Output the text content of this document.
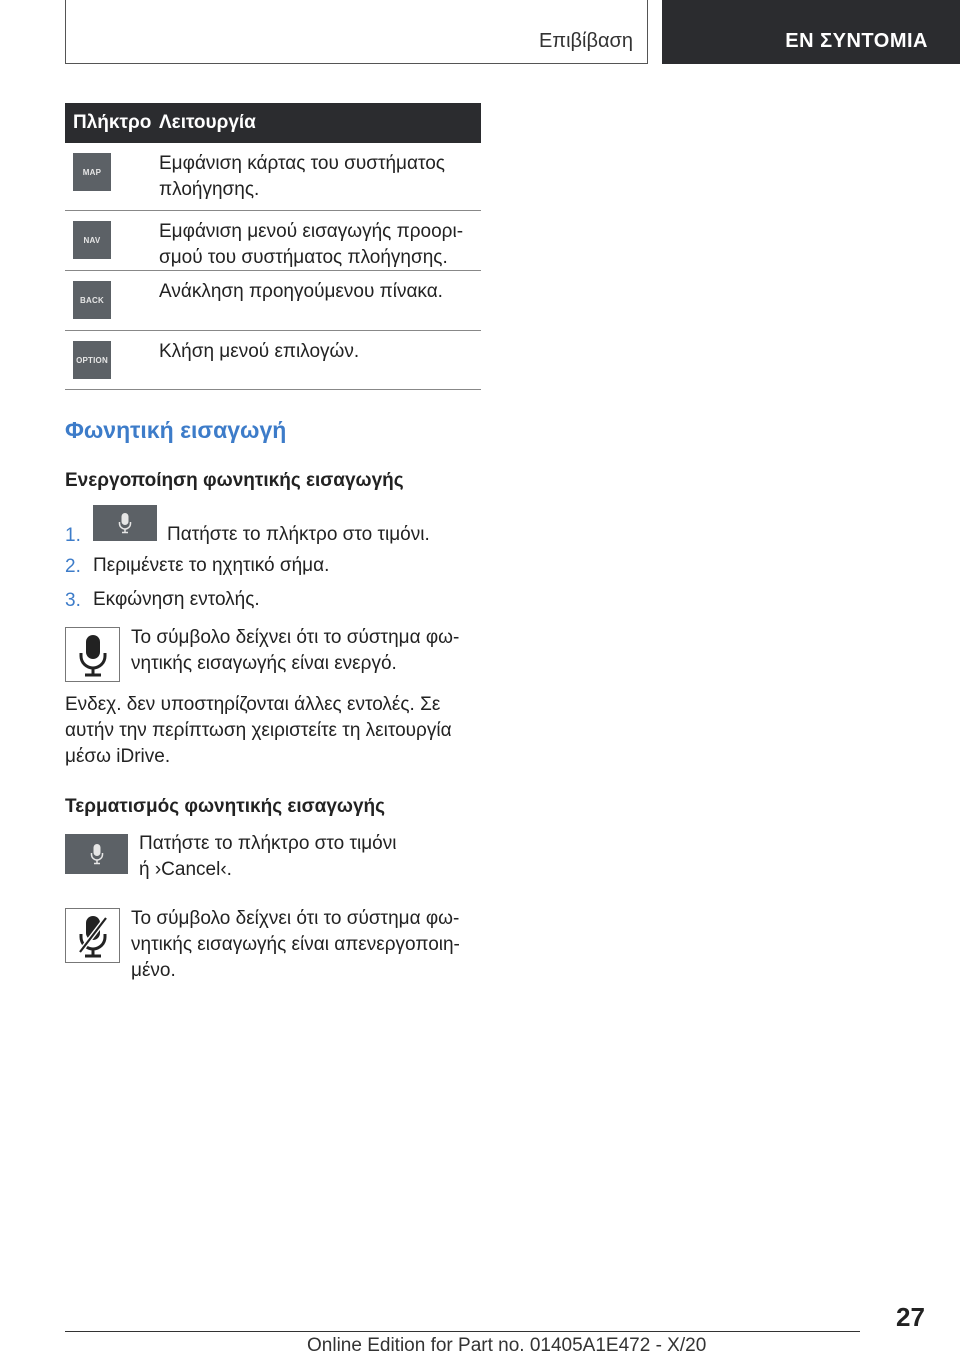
Επιβίβαση	ΕΝ ΣΥΝΤΟΜΙΑ
Πλήκτρο Λειτουργία
MAP	Εμφάνιση κάρτας του συστήματος πλοήγησης.
NAV	Εμφάνιση μενού εισαγωγής προορισμού του συστήματος πλοήγησης.
BACK	Ανάκληση προηγούμενου πίνακα.
OPTION	Κλήση μενού επιλογών.
Φωνητική εισαγωγή
Ενεργοποίηση φωνητικής εισαγωγής
1.	Πατήστε το πλήκτρο στο τιμόνι.
2. Περιμένετε το ηχητικό σήμα.
3. Εκφώνηση εντολής.
Το σύμβολο δείχνει ότι το σύστημα φωνητικής εισαγωγής είναι ενεργό.
Ενδεχ. δεν υποστηρίζονται άλλες εντολές. Σε αυτήν την περίπτωση χειριστείτε τη λειτουργία μέσω iDrive.
Τερματισμός φωνητικής εισαγωγής
Πατήστε το πλήκτρο στο τιμόνι ή ›Cancel‹.
Το σύμβολο δείχνει ότι το σύστημα φωνητικής εισαγωγής είναι απενεργοποιημένο.
27
Online Edition for Part no. 01405A1E472 - X/20
